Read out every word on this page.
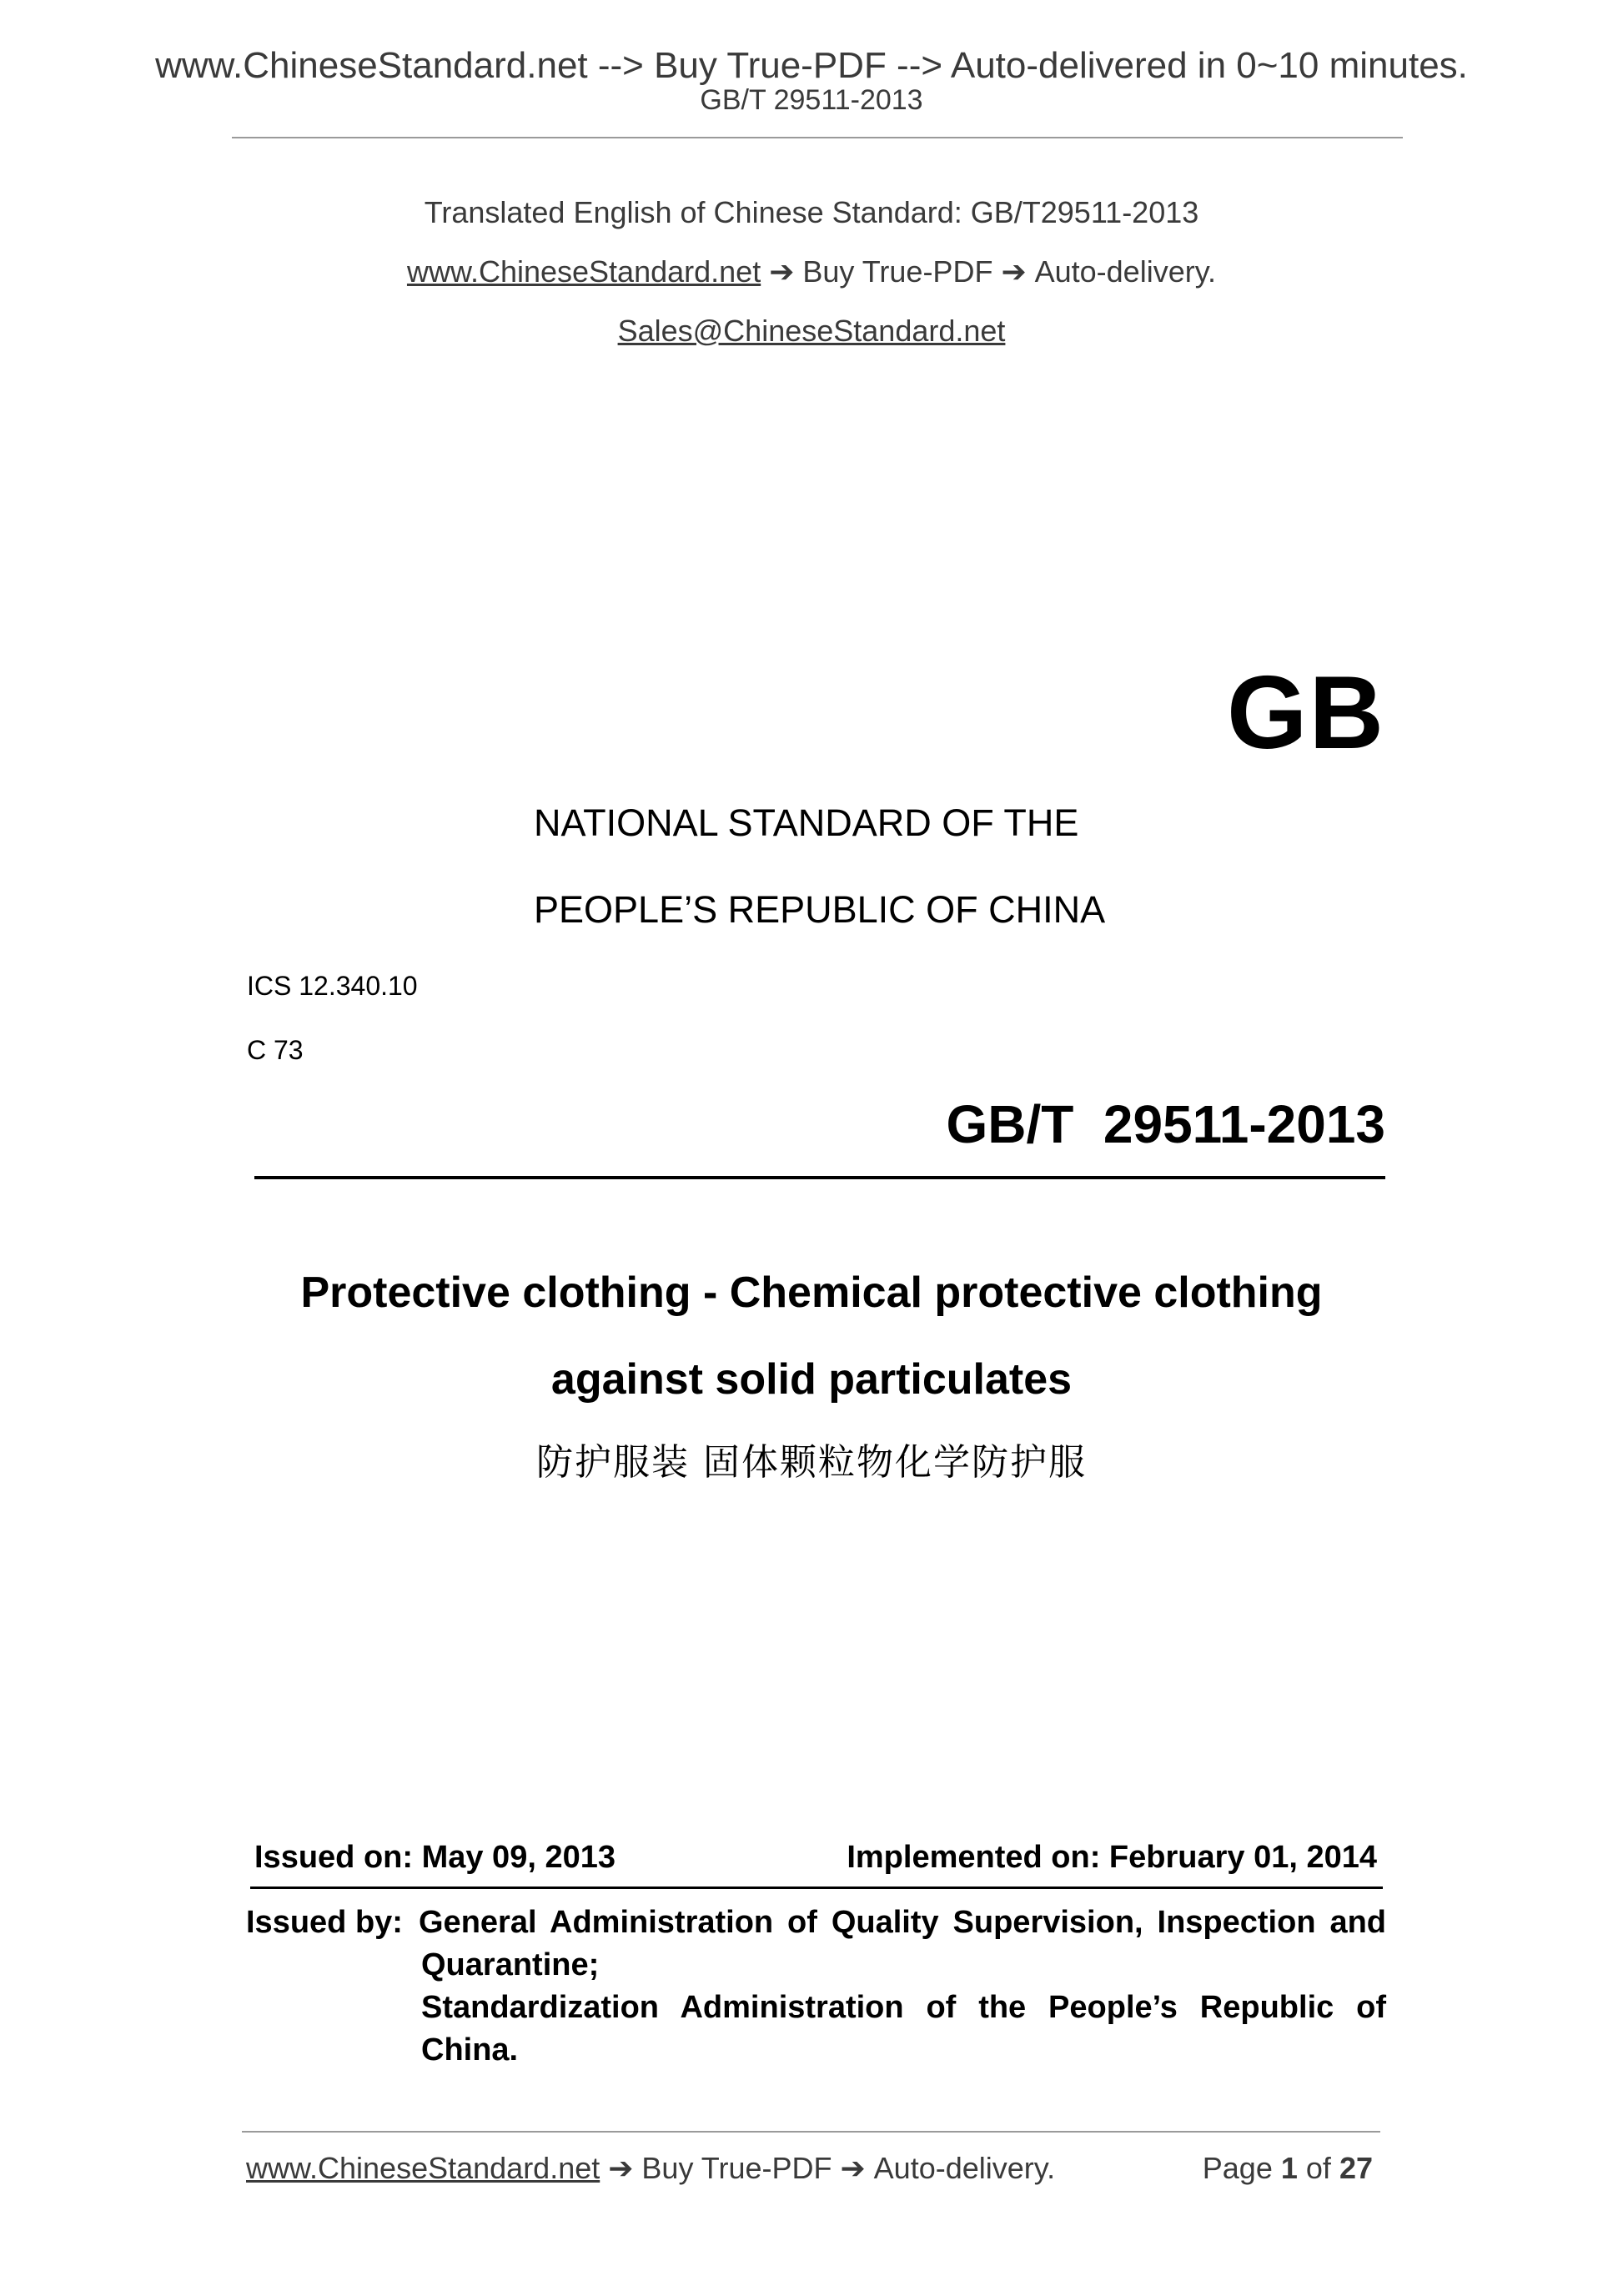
www.ChineseStandard.net --> Buy True-PDF --> Auto-delivered in 0~10 minutes.
GB/T 29511-2013
Translated English of Chinese Standard: GB/T29511-2013
www.ChineseStandard.net ➔ Buy True-PDF ➔ Auto-delivery.
Sales@ChineseStandard.net
GB
NATIONAL STANDARD OF THE
PEOPLE’S REPUBLIC OF CHINA
ICS 12.340.10
C 73
GB/T  29511-2013
Protective clothing - Chemical protective clothing
against solid particulates
防护服装 固体颗粒物化学防护服
Issued on: May 09, 2013	Implemented on: February 01, 2014
Issued by: General Administration of Quality Supervision, Inspection and
Quarantine;
Standardization Administration of the People’s Republic of
China.
www.ChineseStandard.net ➔ Buy True-PDF ➔ Auto-delivery.	Page 1 of 27
